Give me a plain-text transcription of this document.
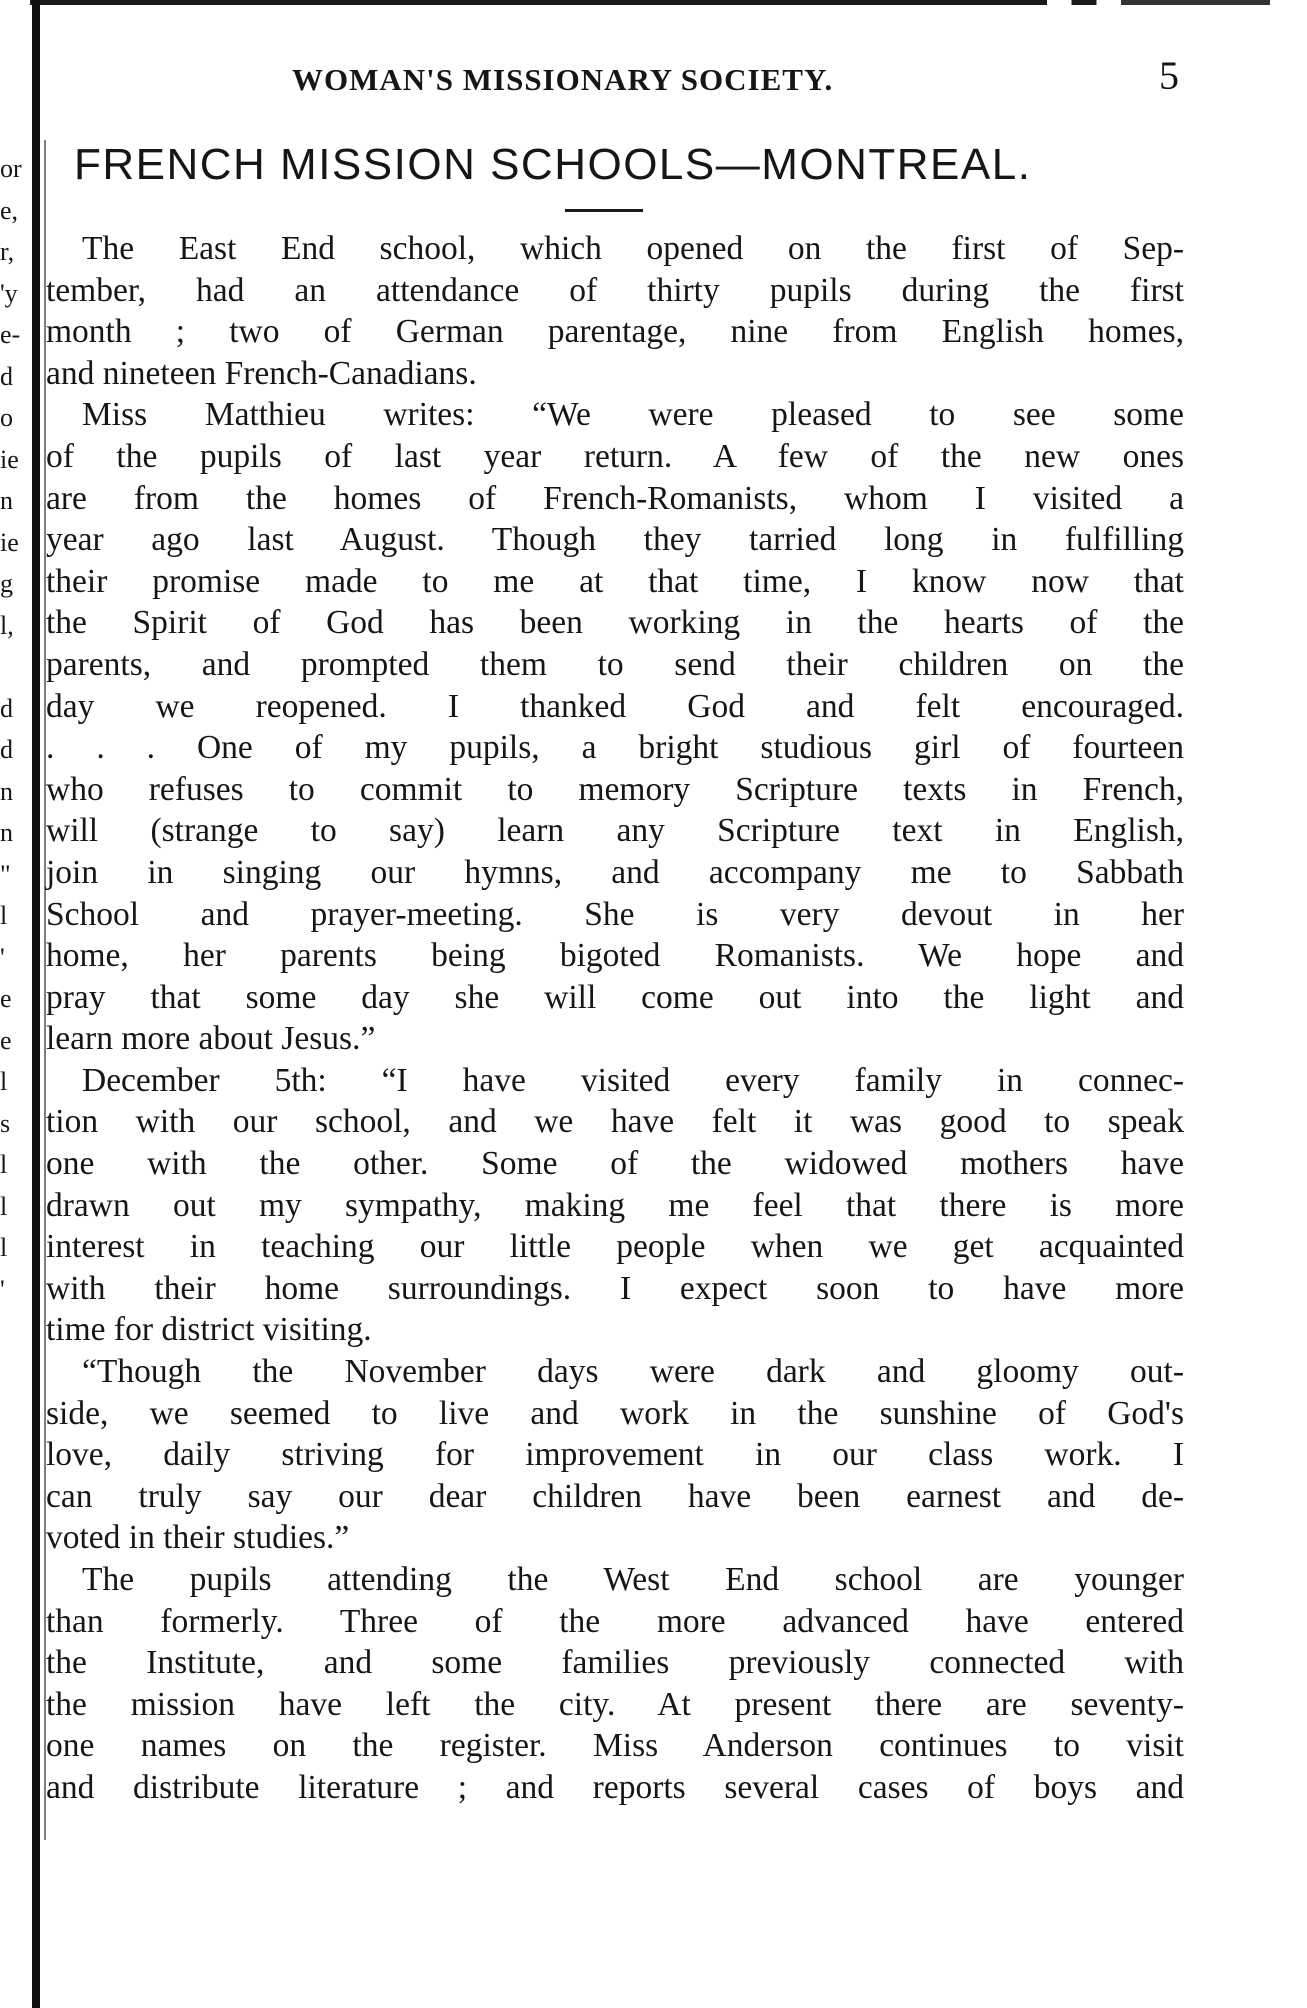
or
e,
r,
'y
e-
d
o
ie
n
ie
g
l,
d
d
n
n
"
l
'
e
e
l
s
l
l
l
'
WOMAN'S MISSIONARY SOCIETY.	5
FRENCH MISSION SCHOOLS—MONTREAL.
The East End school, which opened on the first of Sep-
tember, had an attendance of thirty pupils during the first
month ; two of German parentage, nine from English homes,
and nineteen French-Canadians.
Miss Matthieu writes: “We were pleased to see some
of the pupils of last year return. A few of the new ones
are from the homes of French-Romanists, whom I visited a
year ago last August. Though they tarried long in fulfilling
their promise made to me at that time, I know now that
the Spirit of God has been working in the hearts of the
parents, and prompted them to send their children on the
day we reopened. I thanked God and felt encouraged.
. . . One of my pupils, a bright studious girl of fourteen
who refuses to commit to memory Scripture texts in French,
will (strange to say) learn any Scripture text in English,
join in singing our hymns, and accompany me to Sabbath
School and prayer-meeting. She is very devout in her
home, her parents being bigoted Romanists. We hope and
pray that some day she will come out into the light and
learn more about Jesus.”
December 5th: “I have visited every family in connec-
tion with our school, and we have felt it was good to speak
one with the other. Some of the widowed mothers have
drawn out my sympathy, making me feel that there is more
interest in teaching our little people when we get acquainted
with their home surroundings. I expect soon to have more
time for district visiting.
“Though the November days were dark and gloomy out-
side, we seemed to live and work in the sunshine of God's
love, daily striving for improvement in our class work. I
can truly say our dear children have been earnest and de-
voted in their studies.”
The pupils attending the West End school are younger
than formerly. Three of the more advanced have entered
the Institute, and some families previously connected with
the mission have left the city. At present there are seventy-
one names on the register. Miss Anderson continues to visit
and distribute literature ; and reports several cases of boys and
